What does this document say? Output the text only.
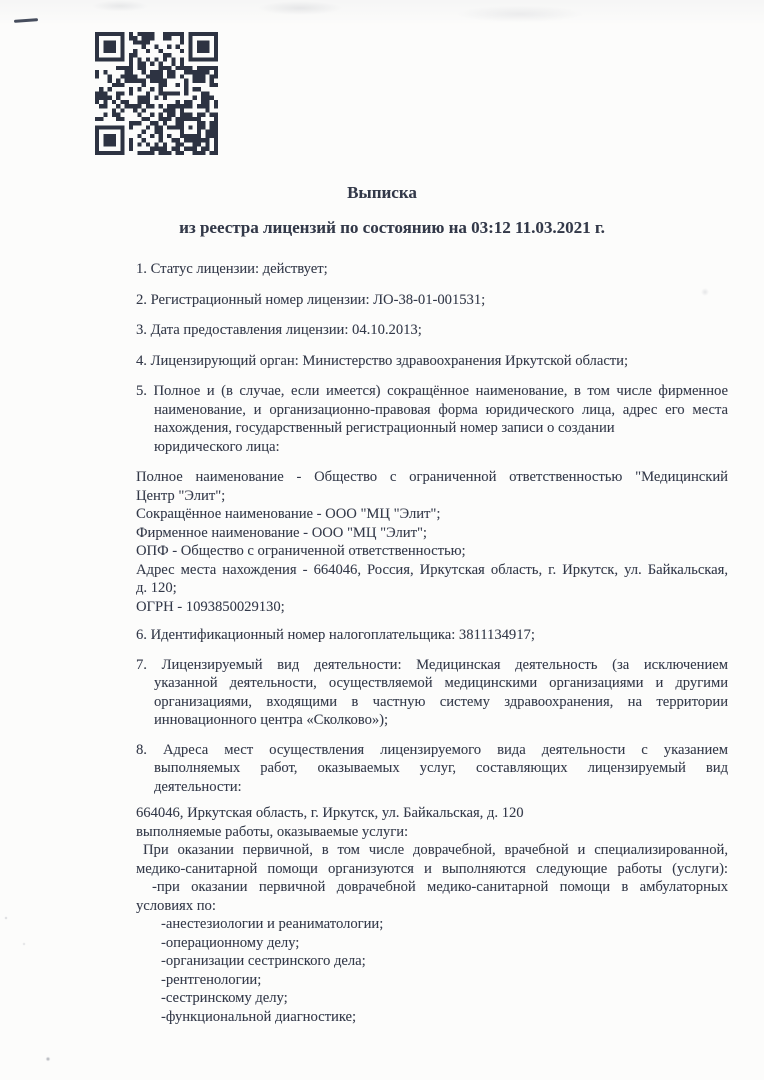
Выписка
из реестра лицензий по состоянию на 03:12 11.03.2021 г.
1. Статус лицензии: действует;
2. Регистрационный номер лицензии: ЛО-38-01-001531;
3. Дата предоставления лицензии: 04.10.2013;
4. Лицензирующий орган: Министерство здравоохранения Иркутской области;
5. Полное и (в случае, если имеется) сокращённое наименование, в том числе фирменное
наименование, и организационно-правовая форма юридического лица, адрес его места
нахождения, государственный регистрационный номер записи о создании
юридического лица:
Полное наименование - Общество с ограниченной ответственностью "Медицинский
Центр "Элит";
Сокращённое наименование - ООО "МЦ "Элит";
Фирменное наименование - ООО "МЦ "Элит";
ОПФ - Общество с ограниченной ответственностью;
Адрес места нахождения - 664046, Россия, Иркутская область, г. Иркутск, ул. Байкальская,
д. 120;
ОГРН - 1093850029130;
6. Идентификационный номер налогоплательщика: 3811134917;
7. Лицензируемый вид деятельности: Медицинская деятельность (за исключением
указанной деятельности, осуществляемой медицинскими организациями и другими
организациями, входящими в частную систему здравоохранения, на территории
инновационного центра «Сколково»);
8. Адреса мест осуществления лицензируемого вида деятельности с указанием
выполняемых работ, оказываемых услуг, составляющих лицензируемый вид
деятельности:
664046, Иркутская область, г. Иркутск, ул. Байкальская, д. 120
выполняемые работы, оказываемые услуги:
При оказании первичной, в том числе доврачебной, врачебной и специализированной,
медико-санитарной помощи организуются и выполняются следующие работы (услуги):
-при оказании первичной доврачебной медико-санитарной помощи в амбулаторных
условиях по:
-анестезиологии и реаниматологии;
-операционному делу;
-организации сестринского дела;
-рентгенологии;
-сестринскому делу;
-функциональной диагностике;
